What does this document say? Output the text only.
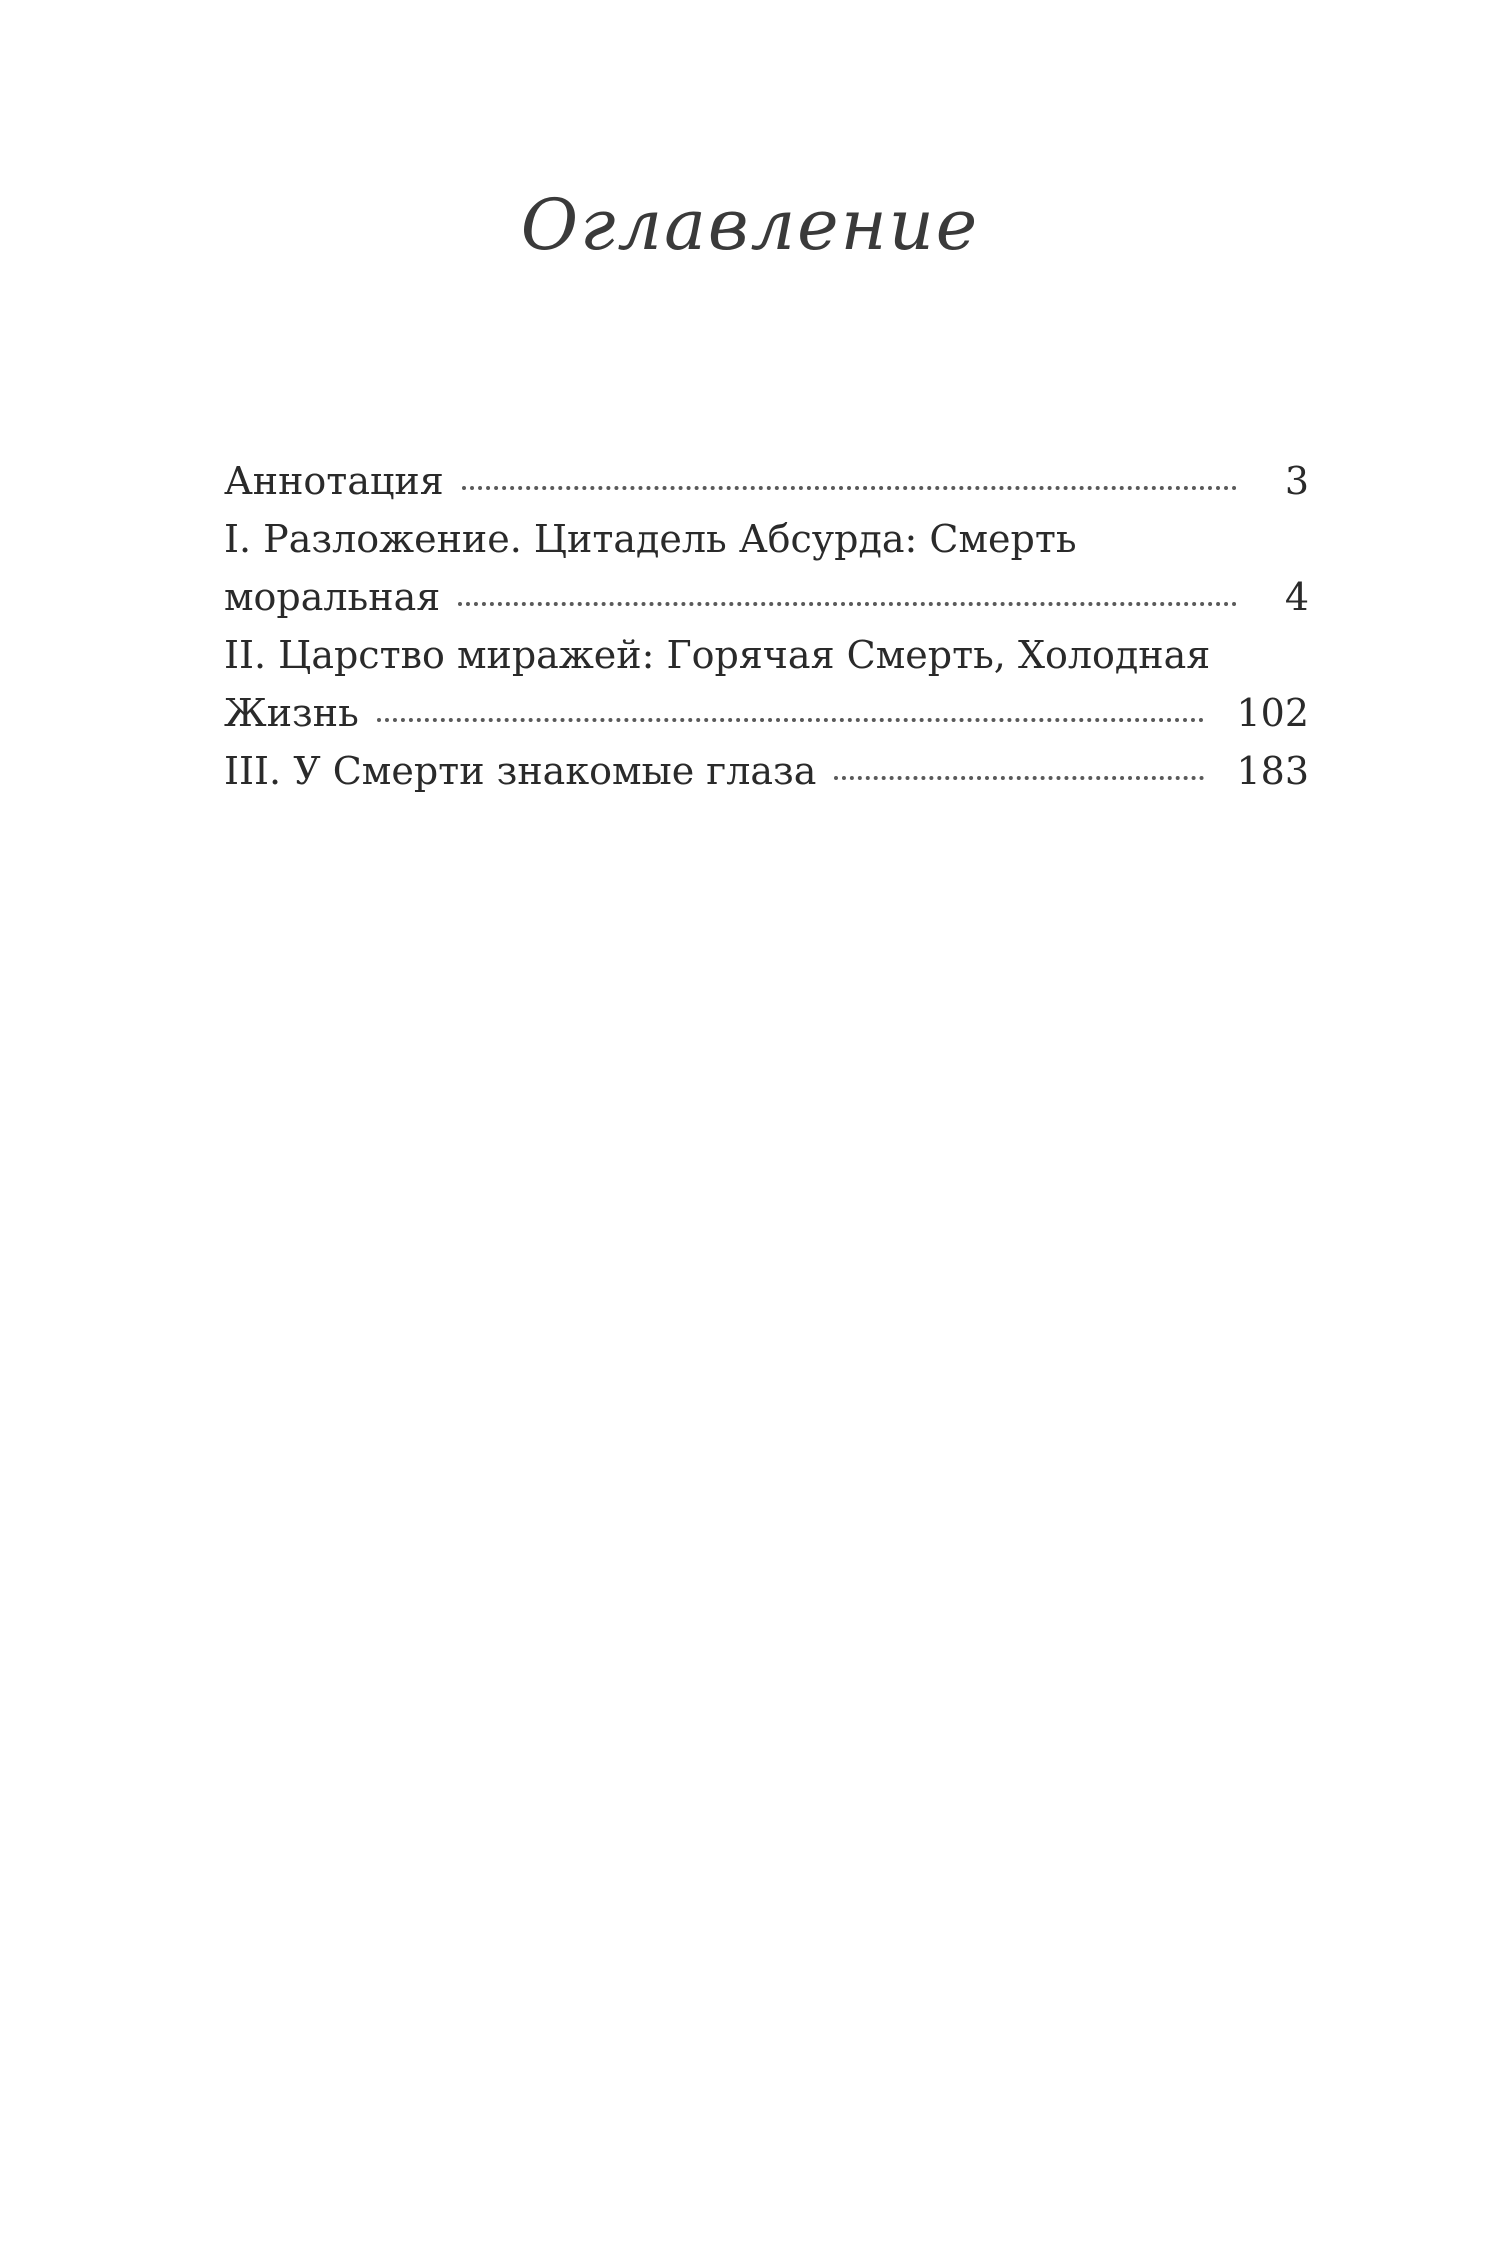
Оглавление
Аннотация	3
I. Разложение. Цитадель Абсурда: Смерть
моральная	4
II. Царство миражей: Горячая Смерть, Холодная
Жизнь	102
III. У Смерти знакомые глаза	183
